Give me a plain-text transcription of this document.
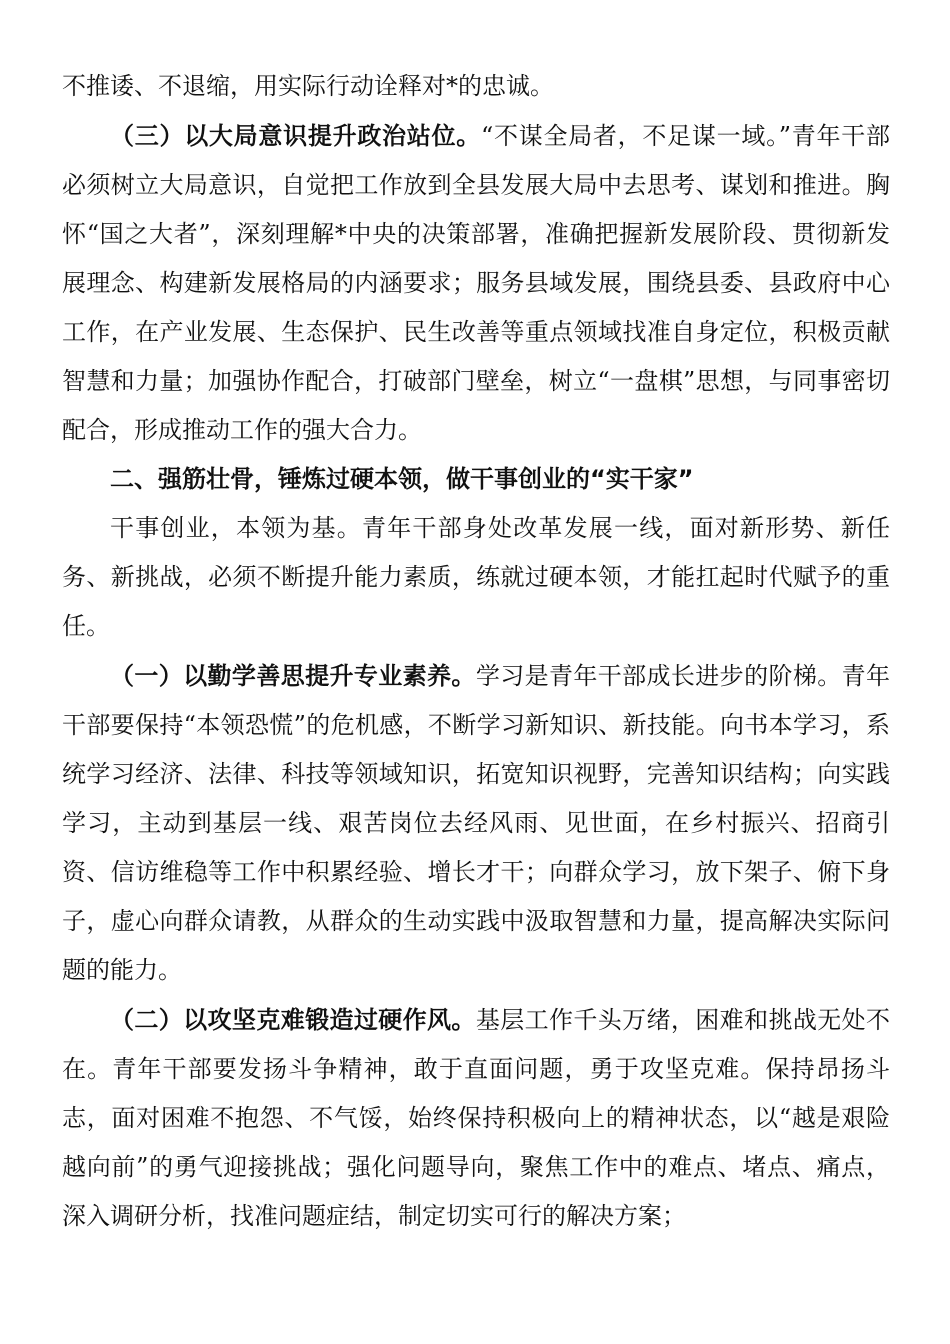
不推诿、不退缩，用实际行动诠释对*的忠诚。

（三）以大局意识提升政治站位。“不谋全局者，不足谋一域。”青年干部必须树立大局意识，自觉把工作放到全县发展大局中去思考、谋划和推进。胸怀“国之大者”，深刻理解*中央的决策部署，准确把握新发展阶段、贯彻新发展理念、构建新发展格局的内涵要求；服务县域发展，围绕县委、县政府中心工作，在产业发展、生态保护、民生改善等重点领域找准自身定位，积极贡献智慧和力量；加强协作配合，打破部门壁垒，树立“一盘棋”思想，与同事密切配合，形成推动工作的强大合力。

二、强筋壮骨，锤炼过硬本领，做干事创业的“实干家”

干事创业，本领为基。青年干部身处改革发展一线，面对新形势、新任务、新挑战，必须不断提升能力素质，练就过硬本领，才能扛起时代赋予的重任。

（一）以勤学善思提升专业素养。学习是青年干部成长进步的阶梯。青年干部要保持“本领恐慌”的危机感，不断学习新知识、新技能。向书本学习，系统学习经济、法律、科技等领域知识，拓宽知识视野，完善知识结构；向实践学习，主动到基层一线、艰苦岗位去经风雨、见世面，在乡村振兴、招商引资、信访维稳等工作中积累经验、增长才干；向群众学习，放下架子、俯下身子，虚心向群众请教，从群众的生动实践中汲取智慧和力量，提高解决实际问题的能力。

（二）以攻坚克难锻造过硬作风。基层工作千头万绪，困难和挑战无处不在。青年干部要发扬斗争精神，敢于直面问题，勇于攻坚克难。保持昂扬斗志，面对困难不抱怨、不气馁，始终保持积极向上的精神状态，以“越是艰险越向前”的勇气迎接挑战；强化问题导向，聚焦工作中的难点、堵点、痛点，深入调研分析，找准问题症结，制定切实可行的解决方案；
